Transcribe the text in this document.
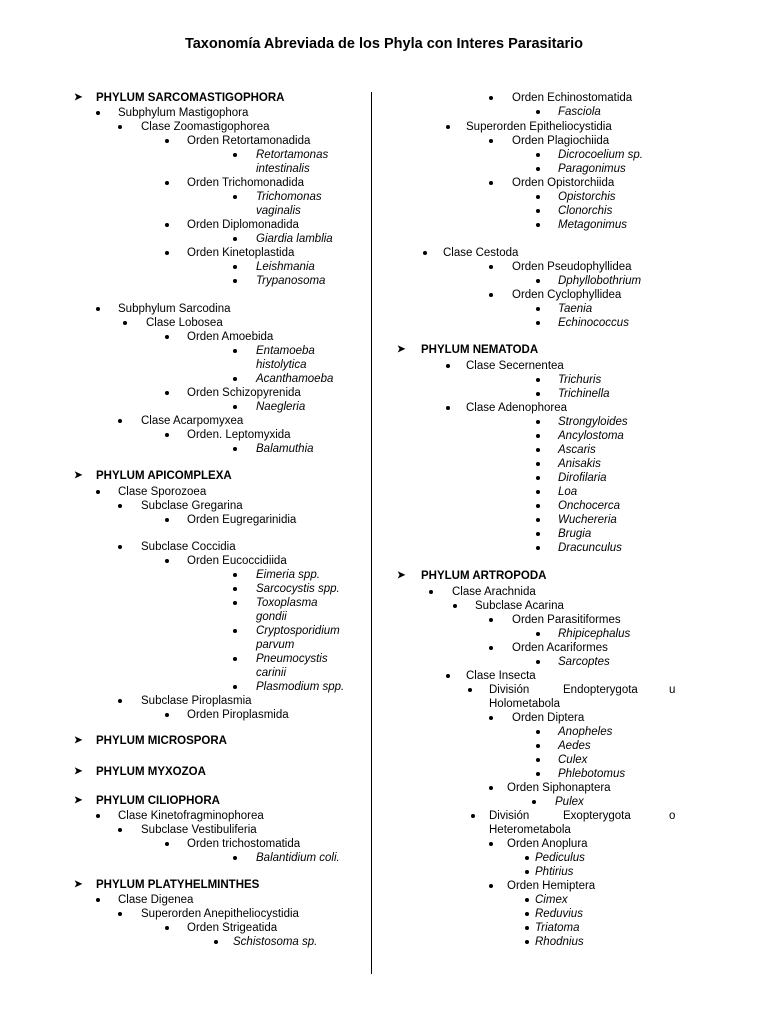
Taxonomía Abreviada de los Phyla con Interes Parasitario
➤ PHYLUM SARCOMASTIGOPHORA
Subphylum Mastigophora
Clase Zoomastigophorea
Orden Retortamonadida
Retortamonas
intestinalis
Orden Trichomonadida
Trichomonas
vaginalis
Orden Diplomonadida
Giardia lamblia
Orden Kinetoplastida
Leishmania
Trypanosoma
Subphylum Sarcodina
Clase Lobosea
Orden Amoebida
Entamoeba
histolytica
Acanthamoeba
Orden Schizopyrenida
Naegleria
Clase Acarpomyxea
Orden. Leptomyxida
Balamuthia
➤ PHYLUM APICOMPLEXA
Clase Sporozoea
Subclase Gregarina
Orden Eugregarinidia
Subclase Coccidia
Orden Eucoccidiida
Eimeria spp.
Sarcocystis spp.
Toxoplasma
gondii
Cryptosporidium
parvum
Pneumocystis
carinii
Plasmodium spp.
Subclase Piroplasmia
Orden Piroplasmida
➤ PHYLUM MICROSPORA
➤ PHYLUM MYXOZOA
➤ PHYLUM CILIOPHORA
Clase Kinetofragminophorea
Subclase Vestibuliferia
Orden trichostomatida
Balantidium coli.
➤ PHYLUM PLATYHELMINTHES
Clase Digenea
Superorden Anepitheliocystidia
Orden Strigeatida
Schistosoma sp.
Orden Echinostomatida
Fasciola
Superorden Epitheliocystidia
Orden Plagiochiida
Dicrocoelium sp.
Paragonimus
Orden Opistorchiida
Opistorchis
Clonorchis
Metagonimus
Clase Cestoda
Orden Pseudophyllidea
Dphyllobothrium
Orden Cyclophyllidea
Taenia
Echinococcus
➤ PHYLUM NEMATODA
Clase Secernentea
Trichuris
Trichinella
Clase Adenophorea
Strongyloides
Ancylostoma
Ascaris
Anisakis
Dirofilaria
Loa
Onchocerca
Wuchereria
Brugia
Dracunculus
➤ PHYLUM ARTROPODA
Clase Arachnida
Subclase Acarina
Orden Parasitiformes
Rhipicephalus
Orden Acariformes
Sarcoptes
Clase Insecta
División	Endopterygota	u
Holometabola
Orden Diptera
Anopheles
Aedes
Culex
Phlebotomus
Orden Siphonaptera
Pulex
División	Exopterygota	o
Heterometabola
Orden Anoplura
Pediculus
Phtirius
Orden Hemiptera
Cimex
Reduvius
Triatoma
Rhodnius
